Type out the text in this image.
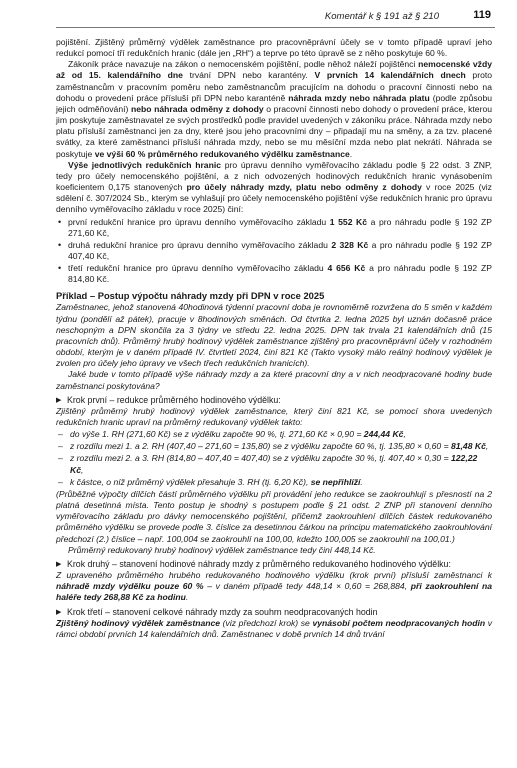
Komentář k § 191 až § 210	119

pojištění. Zjištěný průměrný výdělek zaměstnance pro pracovněprávní účely se v tomto případě upraví jeho redukcí pomocí tří redukčních hranic (dále jen „RH“) a teprve po této úpravě se z něho poskytuje 60 %.

Zákoník práce navazuje na zákon o nemocenském pojištění, podle něhož náleží pojištěnci nemocenské vždy až od 15. kalendářního dne trvání DPN nebo karantény. V prvních 14 kalendářních dnech proto zaměstnancům v pracovním poměru nebo zaměstnancům pracujícím na dohodu o pracovní činnosti nebo na dohodu o provedení práce přísluší při DPN nebo karanténě náhrada mzdy nebo náhrada platu (podle způsobu jejich odměňování) nebo náhrada odměny z dohody o pracovní činnosti nebo dohody o provedení práce, kterou jim poskytuje zaměstnavatel ze svých prostředků podle pravidel uvedených v zákoníku práce. Náhrada mzdy nebo platu přísluší zaměstnanci jen za dny, které jsou jeho pracovními dny – připadají mu na směny, a za tzv. placené svátky, za které zaměstnanci přísluší náhrada mzdy, nebo se mu měsíční mzda nebo plat nekrátí. Náhrada se poskytuje ve výši 60 % průměrného redukovaného výdělku zaměstnance.

Výše jednotlivých redukčních hranic pro úpravu denního vyměřovacího základu podle § 22 odst. 3 ZNP, tedy pro účely nemocenského pojištění, a z nich odvozených hodinových redukčních hranic vynásobením koeficientem 0,175 stanovených pro účely náhrady mzdy, platu nebo odměny z dohody v roce 2025 (viz sdělení č. 307/2024 Sb., kterým se vyhlašují pro účely nemocenského pojištění výše redukčních hranic pro úpravu denního vyměřovacího základu v roce 2025) činí:

• první redukční hranice pro úpravu denního vyměřovacího základu 1 552 Kč a pro náhradu podle § 192 ZP 271,60 Kč,
• druhá redukční hranice pro úpravu denního vyměřovacího základu 2 328 Kč a pro náhradu podle § 192 ZP 407,40 Kč,
• třetí redukční hranice pro úpravu denního vyměřovacího základu 4 656 Kč a pro náhradu podle § 192 ZP 814,80 Kč.
Příklad – Postup výpočtu náhrady mzdy při DPN v roce 2025

Zaměstnanec, jehož stanovená 40hodinová týdenní pracovní doba je rovnoměrně rozvržena do 5 směn v každém týdnu (pondělí až pátek), pracuje v 8hodinových směnách. Od čtvrtka 2. ledna 2025 byl uznán dočasně práce neschopným a DPN skončila za 3 týdny ve středu 22. ledna 2025. DPN tak trvala 21 kalendářních dnů (15 pracovních dnů). Průměrný hrubý hodinový výdělek zaměstnance zjištěný pro pracovněprávní účely v rozhodném období, kterým je v daném případě IV. čtvrtletí 2024, činí 821 Kč (Takto vysoký málo reálný hodinový výdělek je zvolen pro účely jeho úpravy ve všech třech redukčních hranicích).

Jaké bude v tomto případě výše náhrady mzdy a za které pracovní dny a v nich neodpracované hodiny bude zaměstnanci poskytována?

▶ Krok první – redukce průměrného hodinového výdělku:

Zjištěný průměrný hrubý hodinový výdělek zaměstnance, který činí 821 Kč, se pomocí shora uvedených redukčních hranic upraví na průměrný redukovaný výdělek takto:

– do výše 1. RH (271,60 Kč) se z výdělku započte 90 %, tj. 271,60 Kč × 0,90 = 244,44 Kč,
– z rozdílu mezi 1. a 2. RH (407,40 – 271,60 = 135,80) se z výdělku započte 60 %, tj. 135,80 × 0,60 = 81,48 Kč,
– z rozdílu mezi 2. a 3. RH (814,80 – 407,40 = 407,40) se z výdělku započte 30 %, tj. 407,40 × 0,30 = 122,22 Kč,
– k částce, o níž průměrný výdělek přesahuje 3. RH (tj. 6,20 Kč), se nepřihlíží.

(Průběžné výpočty dílčích částí průměrného výdělku při provádění jeho redukce se zaokrouhlují s přesností na 2 platná desetinná místa. Tento postup je shodný s postupem podle § 21 odst. 2 ZNP při stanovení denního vyměřovacího základu pro dávky nemocenského pojištění, přičemž zaokrouhlení dílčích částek redukovaného průměrného výdělku se provede podle 3. číslice za desetinnou čárkou na principu matematického zaokrouhlování předchozí (2.) číslice – např. 100,004 se zaokrouhlí na 100,00, kdežto 100,005 se zaokrouhlí na 100,01.)

Průměrný redukovaný hrubý hodinový výdělek zaměstnance tedy činí 448,14 Kč.

▶ Krok druhý – stanovení hodinové náhrady mzdy z průměrného redukovaného hodinového výdělku:

Z upraveného průměrného hrubého redukovaného hodinového výdělku (krok první) přísluší zaměstnanci k náhradě mzdy výdělku pouze 60 % – v daném případě tedy 448,14 × 0,60 = 268,884, při zaokrouhlení na haléře tedy 268,88 Kč za hodinu.

▶ Krok třetí – stanovení celkové náhrady mzdy za souhrn neodpracovaných hodin

Zjištěný hodinový výdělek zaměstnance (viz předchozí krok) se vynásobí počtem neodpracovaných hodin v rámci období prvních 14 kalendářních dnů. Zaměstnanec v době prvních 14 dnů trvání
